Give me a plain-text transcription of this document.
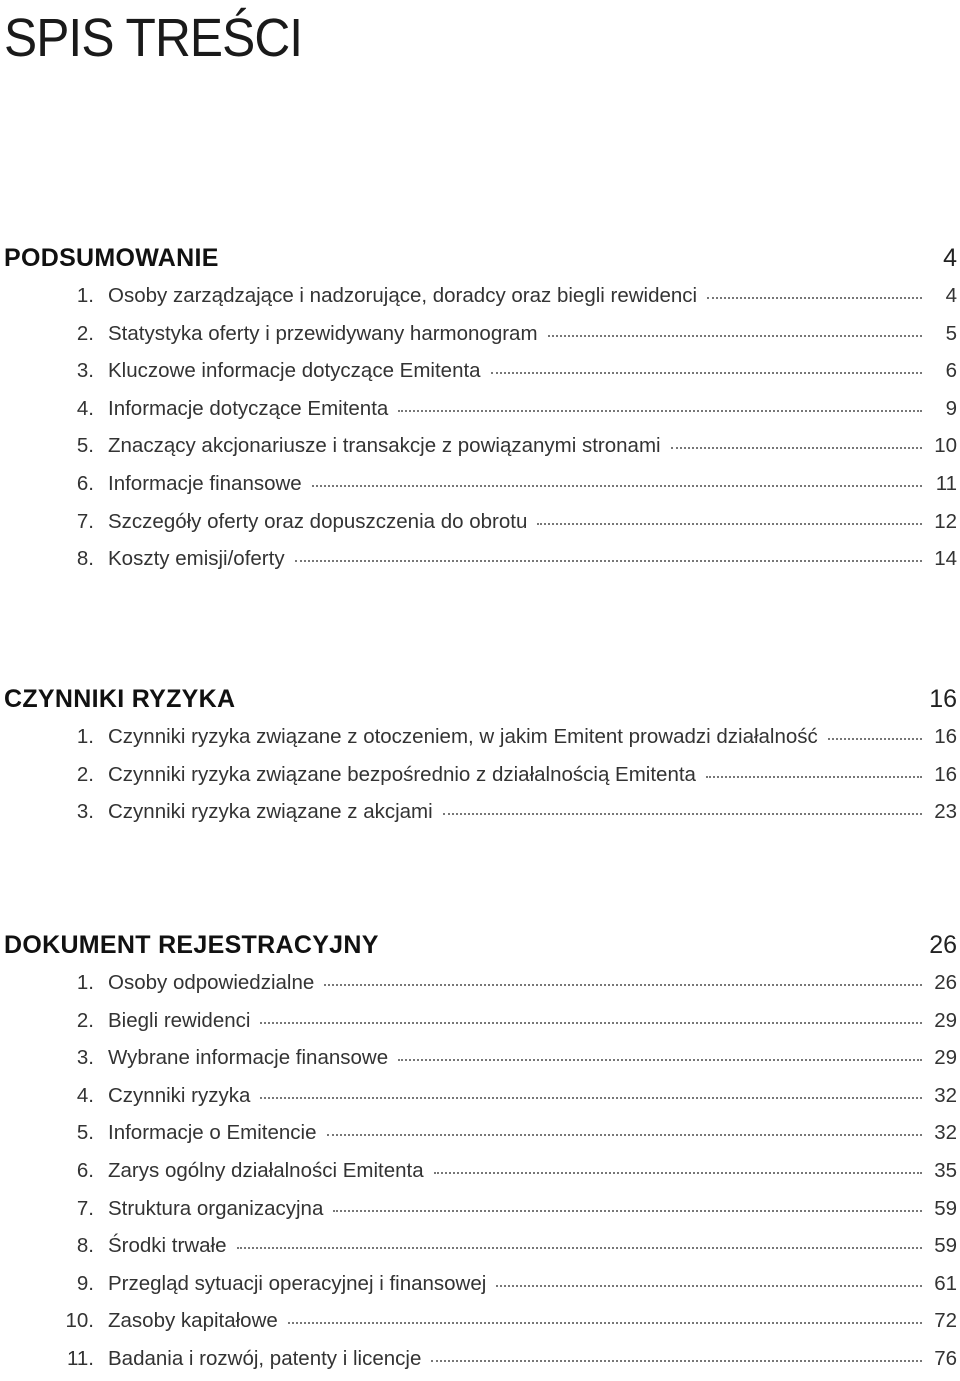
SPIS TREŚCI
PODSUMOWANIE	4
1. Osoby zarządzające i nadzorujące, doradcy oraz biegli rewidenci	4
2. Statystyka oferty i przewidywany harmonogram	5
3. Kluczowe informacje dotyczące Emitenta	6
4. Informacje dotyczące Emitenta	9
5. Znaczący akcjonariusze i transakcje z powiązanymi stronami	10
6. Informacje finansowe	11
7. Szczegóły oferty oraz dopuszczenia do obrotu	12
8. Koszty emisji/oferty	14
CZYNNIKI RYZYKA	16
1. Czynniki ryzyka związane z otoczeniem, w jakim Emitent prowadzi działalność	16
2. Czynniki ryzyka związane bezpośrednio z działalnością Emitenta	16
3. Czynniki ryzyka związane z akcjami	23
DOKUMENT REJESTRACYJNY	26
1. Osoby odpowiedzialne	26
2. Biegli rewidenci	29
3. Wybrane informacje finansowe	29
4. Czynniki ryzyka	32
5. Informacje o Emitencie	32
6. Zarys ogólny działalności Emitenta	35
7. Struktura organizacyjna	59
8. Środki trwałe	59
9. Przegląd sytuacji operacyjnej i finansowej	61
10. Zasoby kapitałowe	72
11. Badania i rozwój, patenty i licencje	76
